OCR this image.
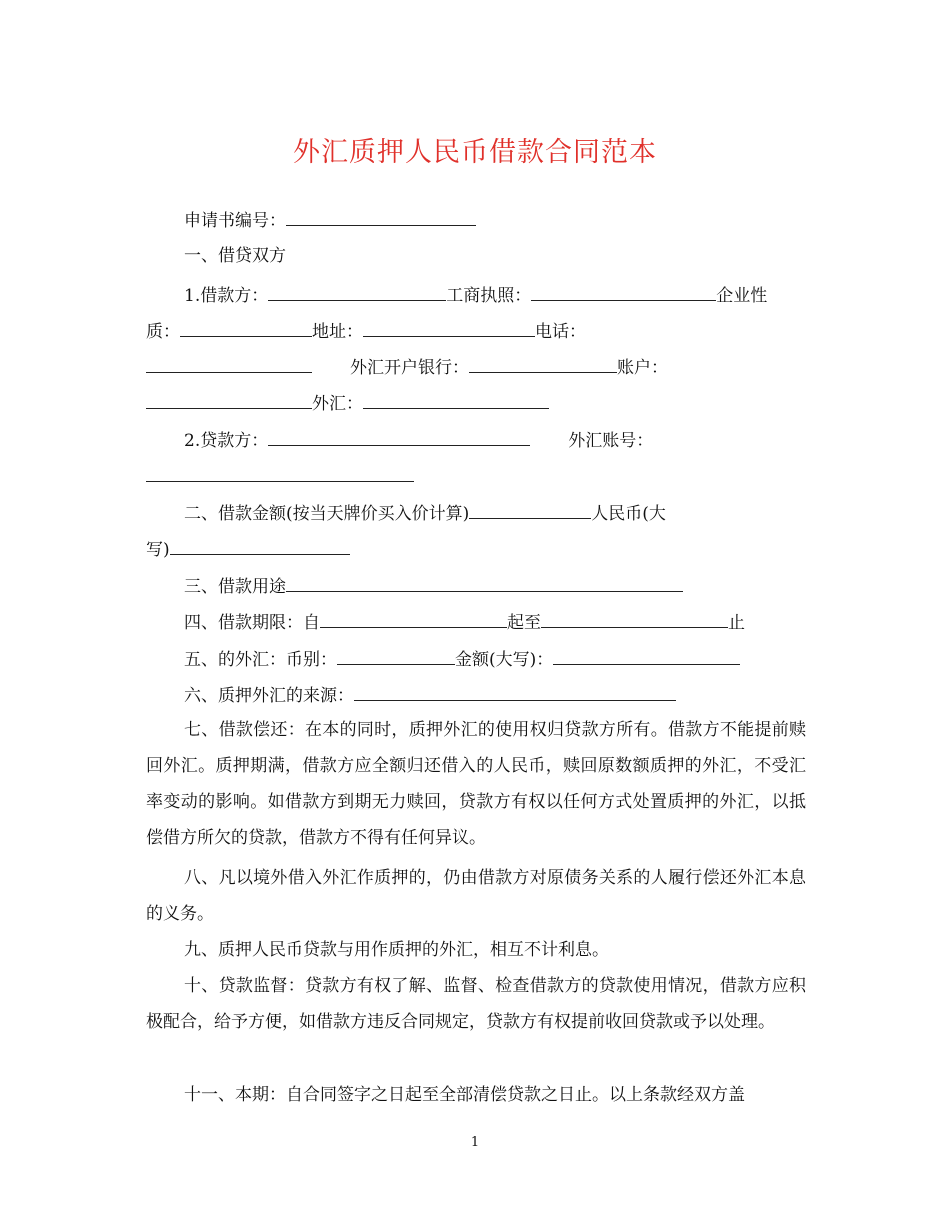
外汇质押人民币借款合同范本
申请书编号：
一、借贷双方
1.借款方：	工商执照：	企业性
质：	地址：	电话：
外汇开户银行：	账户：
外汇：
2.贷款方：	外汇账号：
二、借款金额(按当天牌价买入价计算)	人民币(大
写)
三、借款用途
四、借款期限：自	起至	止
五、的外汇：币别：	金额(大写)：
六、质押外汇的来源：
七、借款偿还：在本的同时，质押外汇的使用权归贷款方所有。借款方不能提前赎回外汇。质押期满，借款方应全额归还借入的人民币，赎回原数额质押的外汇，不受汇率变动的影响。如借款方到期无力赎回，贷款方有权以任何方式处置质押的外汇，以抵偿借方所欠的贷款，借款方不得有任何异议。
八、凡以境外借入外汇作质押的，仍由借款方对原债务关系的人履行偿还外汇本息的义务。
九、质押人民币贷款与用作质押的外汇，相互不计利息。
十、贷款监督：贷款方有权了解、监督、检查借款方的贷款使用情况，借款方应积极配合，给予方便，如借款方违反合同规定，贷款方有权提前收回贷款或予以处理。
十一、本期：自合同签字之日起至全部清偿贷款之日止。以上条款经双方盖
1
